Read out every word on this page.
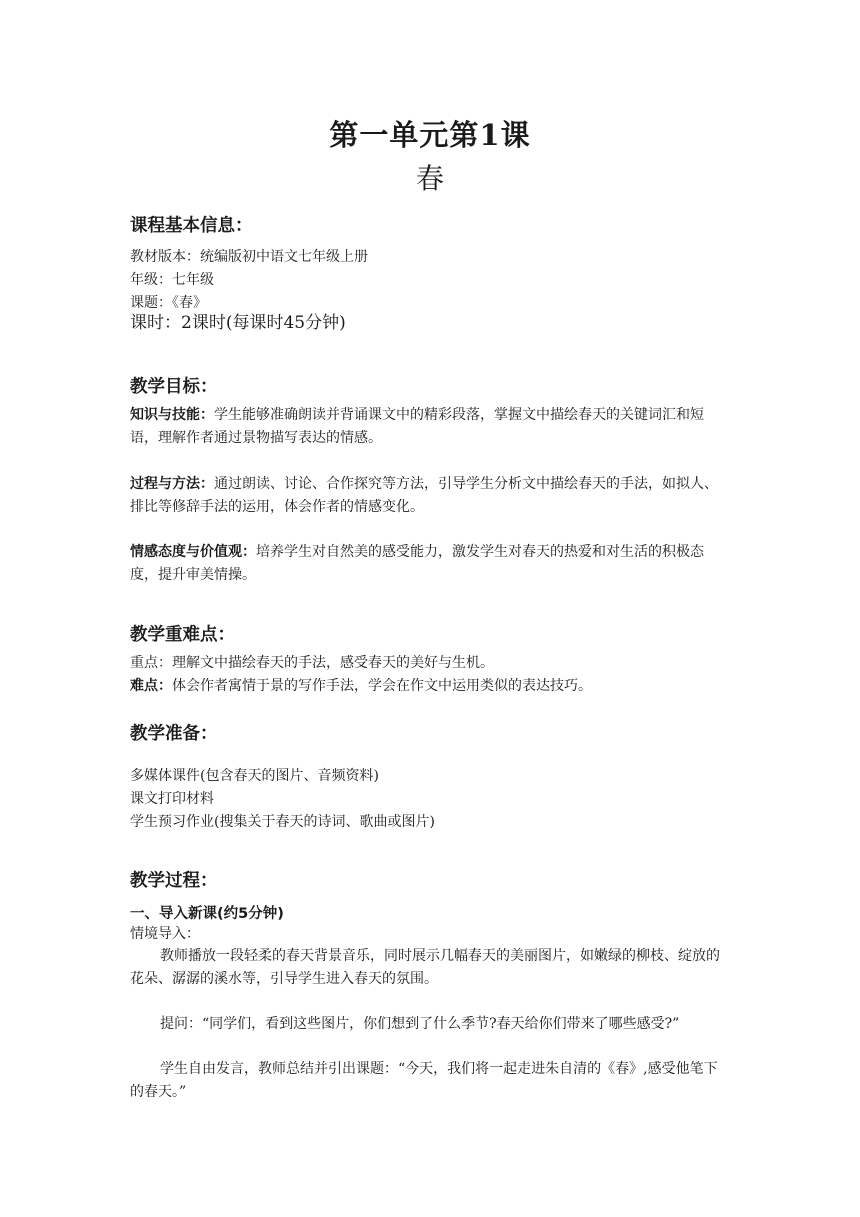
第一单元第1课
春
课程基本信息：
教材版本：统编版初中语文七年级上册
年级：七年级
课题：《春》
课时：2课时(每课时45分钟)
教学目标：
知识与技能：学生能够准确朗读并背诵课文中的精彩段落，掌握文中描绘春天的关键词汇和短语，理解作者通过景物描写表达的情感。
过程与方法：通过朗读、讨论、合作探究等方法，引导学生分析文中描绘春天的手法，如拟人、排比等修辞手法的运用，体会作者的情感变化。
情感态度与价值观：培养学生对自然美的感受能力，激发学生对春天的热爱和对生活的积极态度，提升审美情操。
教学重难点：
重点：理解文中描绘春天的手法，感受春天的美好与生机。
难点：体会作者寓情于景的写作手法，学会在作文中运用类似的表达技巧。
教学准备：
多媒体课件(包含春天的图片、音频资料)
课文打印材料
学生预习作业(搜集关于春天的诗词、歌曲或图片)
教学过程：
一、导入新课(约5分钟)
情境导入：
教师播放一段轻柔的春天背景音乐，同时展示几幅春天的美丽图片，如嫩绿的柳枝、绽放的花朵、潺潺的溪水等，引导学生进入春天的氛围。
提问：“同学们，看到这些图片，你们想到了什么季节?春天给你们带来了哪些感受?”
学生自由发言，教师总结并引出课题：“今天，我们将一起走进朱自清的《春》,感受他笔下的春天。”
